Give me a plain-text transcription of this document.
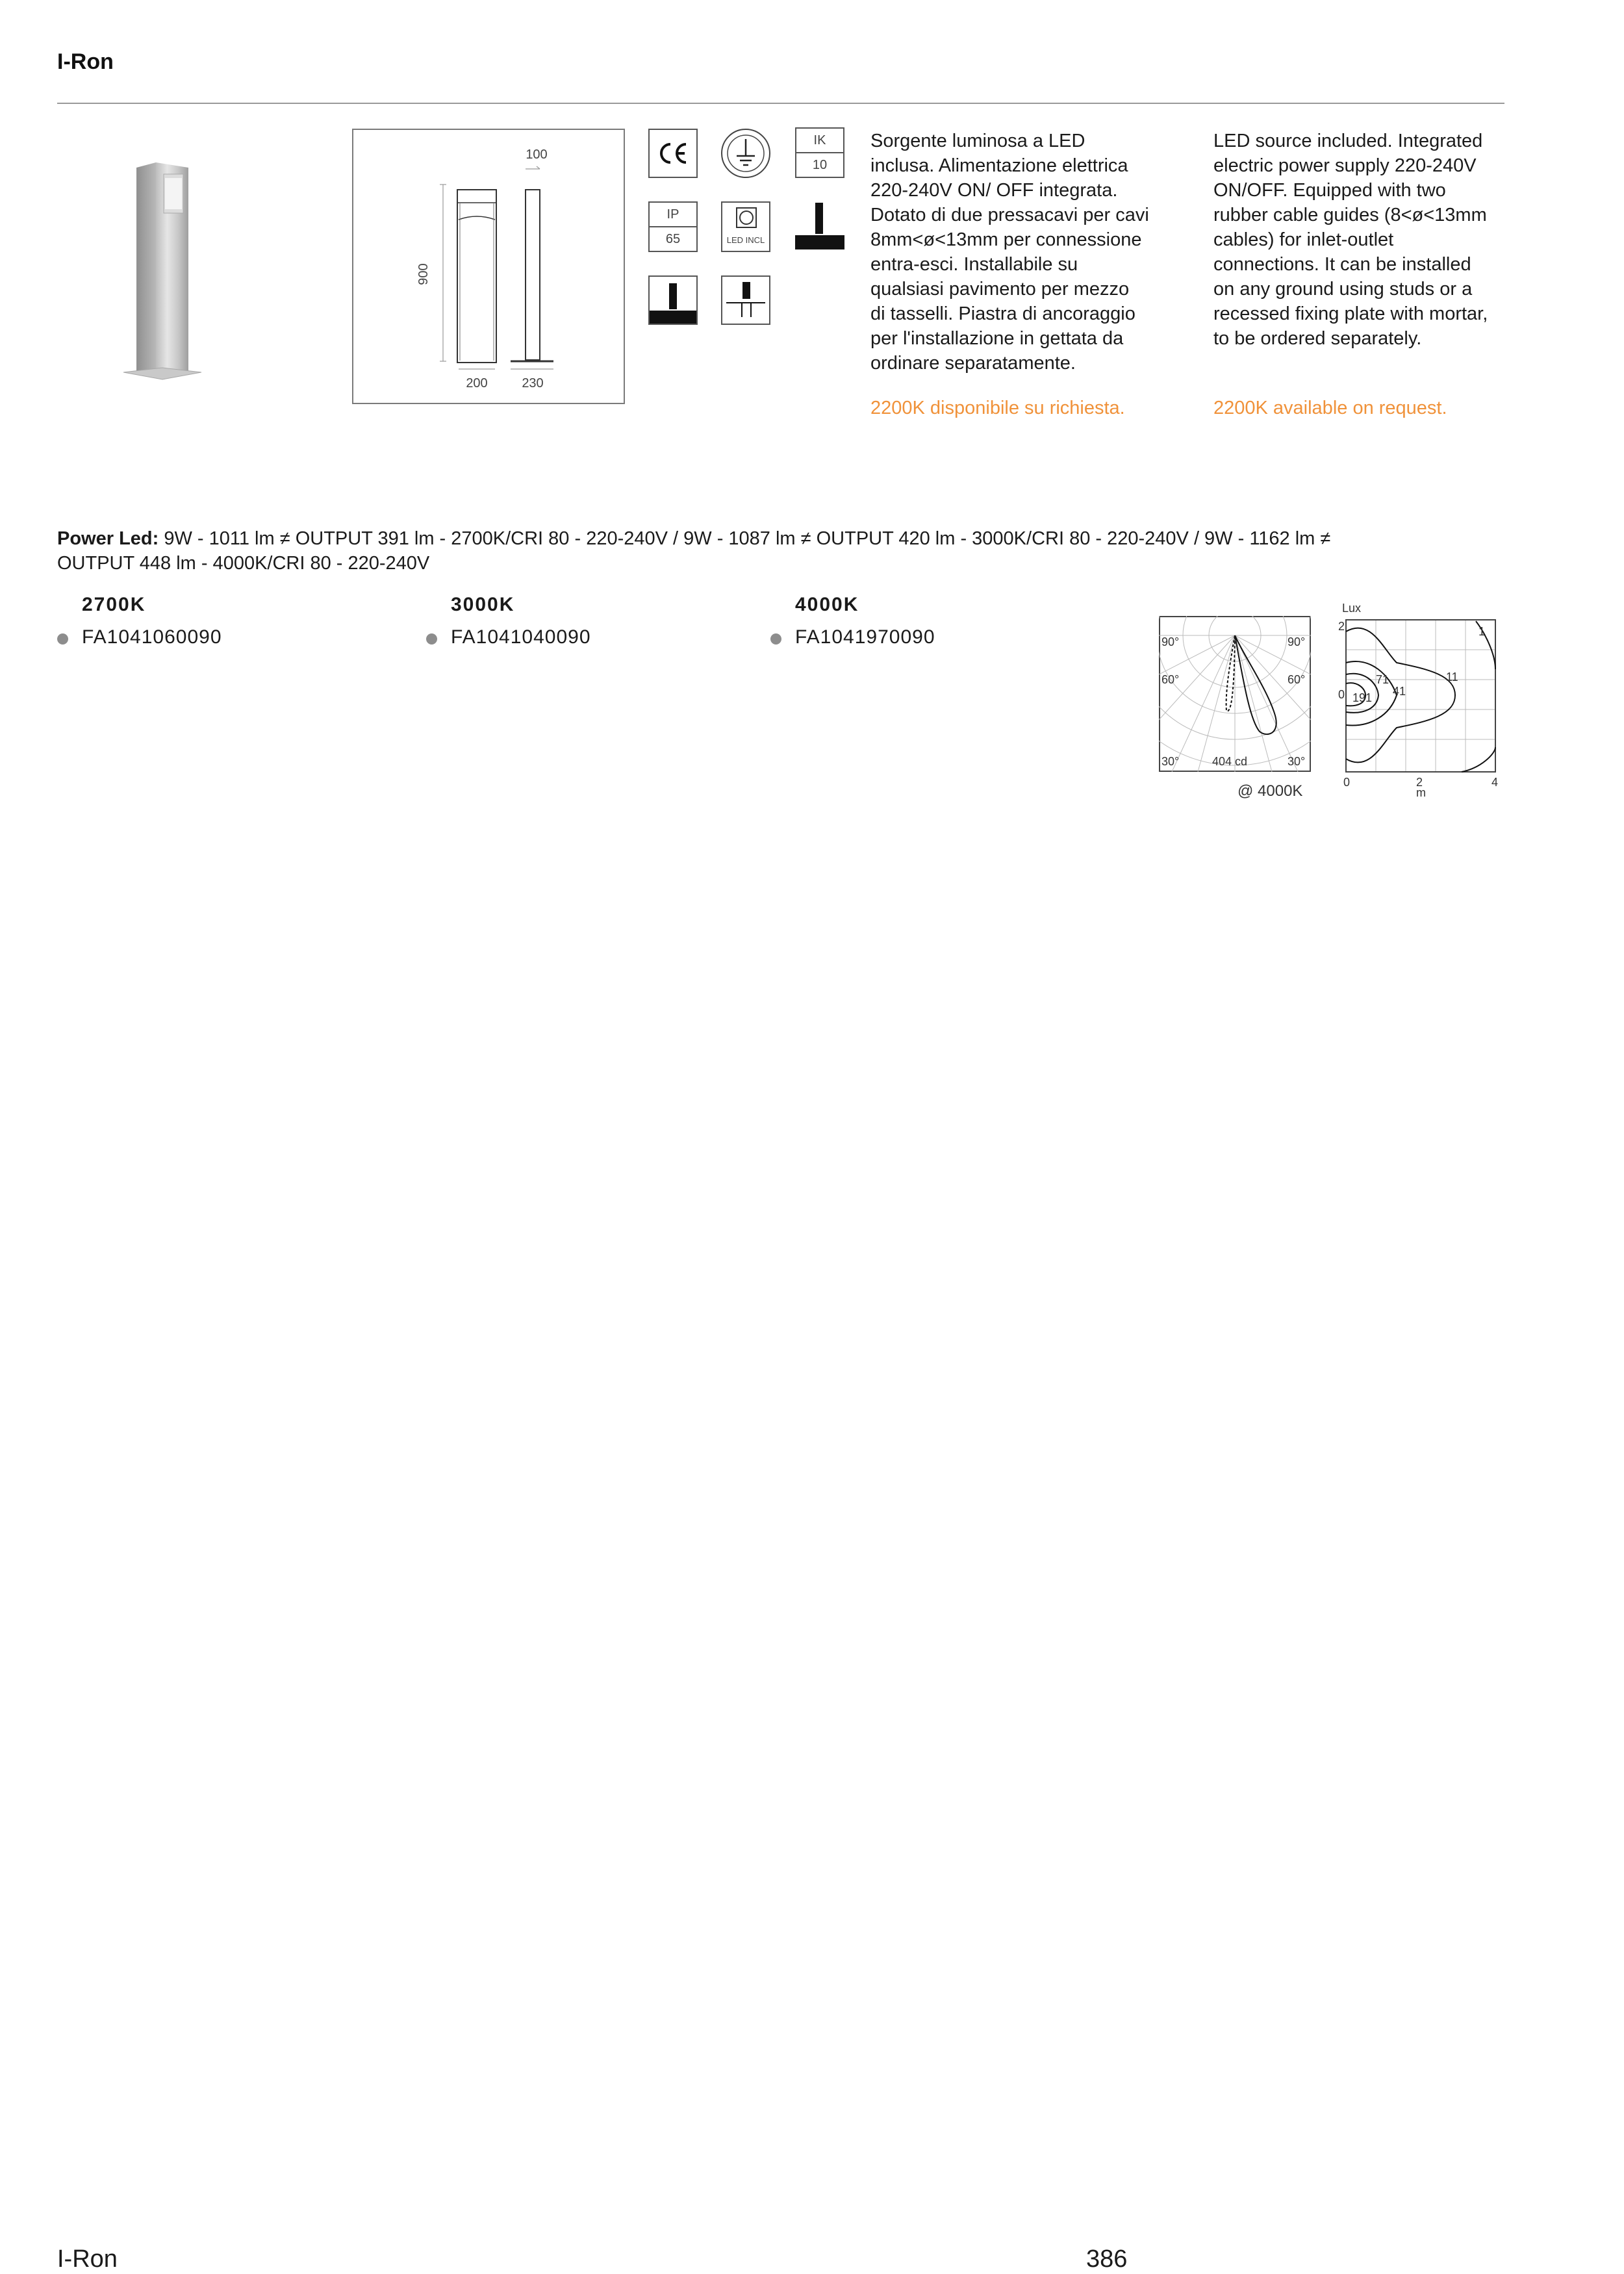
I-Ron
900
100
200	230
IK
10
IP
65	LED INCL
Sorgente luminosa a LED
inclusa. Alimentazione elettrica
220-240V ON/ OFF integrata.
Dotato di due pressacavi per cavi
8mm<ø<13mm per connessione
entra-esci. Installabile su
qualsiasi pavimento per mezzo
di tasselli. Piastra di ancoraggio
per l'installazione in gettata da
ordinare separatamente.
2200K disponibile su richiesta.
LED source included. Integrated
electric power supply 220-240V
ON/OFF. Equipped with two
rubber cable guides (8<ø<13mm
cables) for inlet-outlet
connections. It can be installed
on any ground using studs or a
recessed fixing plate with mortar,
to be ordered separately.
2200K available on request.
Power Led: 9W - 1011 lm ≠ OUTPUT 391 lm - 2700K/CRI 80 - 220-240V / 9W - 1087 lm ≠ OUTPUT 420 lm - 3000K/CRI 80 - 220-240V / 9W - 1162 lm ≠
OUTPUT 448 lm - 4000K/CRI 80 - 220-240V
2700K
FA1041060090
3000K
FA1041040090
4000K
FA1041970090	90°	90°
60°	60°
30°	30°
404 cd
@ 4000K
Lux
2
0
0	2	4
m
1
11
41
71
191
I-Ron	386
